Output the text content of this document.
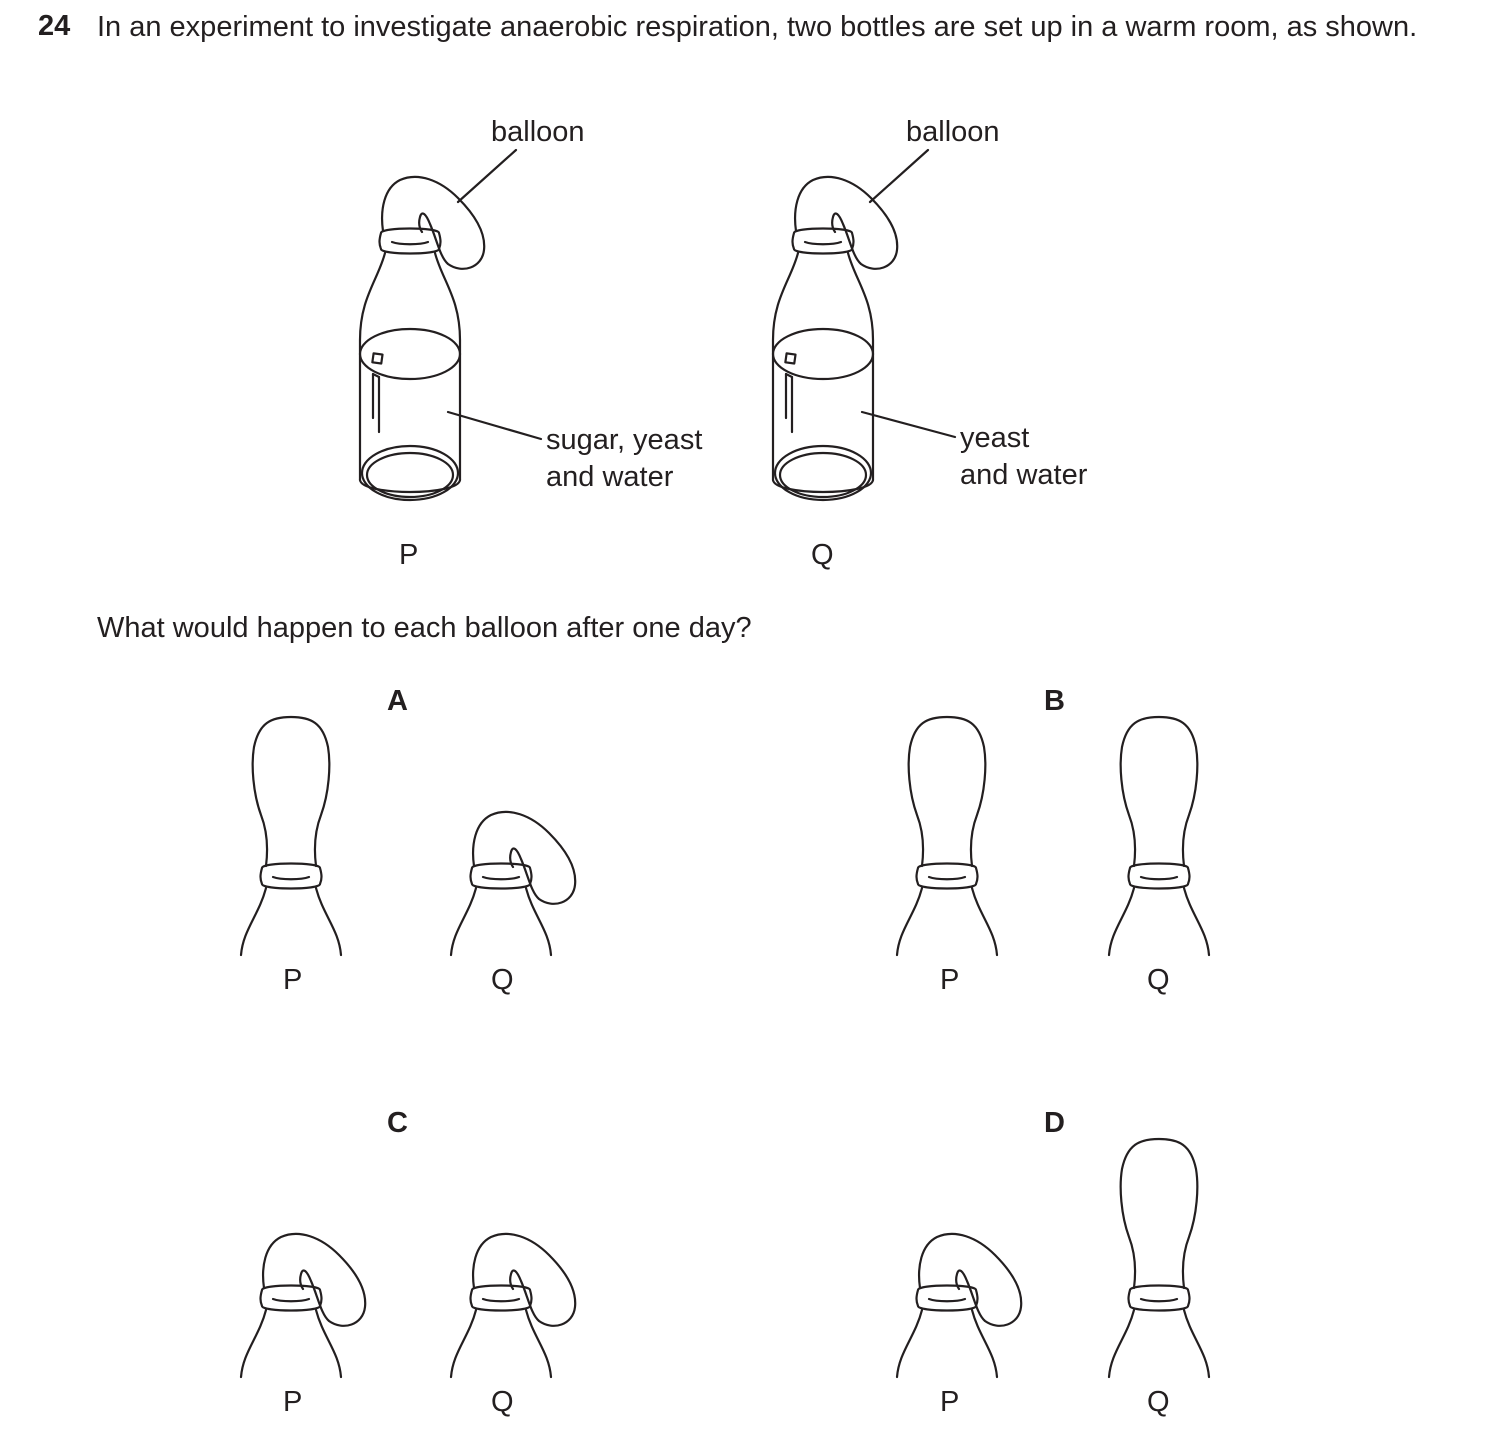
24 In an experiment to investigate anaerobic respiration, two bottles are set up in a warm room, as shown.
balloon	balloon
sugar, yeast
and water
yeast
and water
P	Q
What would happen to each balloon after one day?
A	B
C	D
P	Q	P	Q
P	Q	P	Q
